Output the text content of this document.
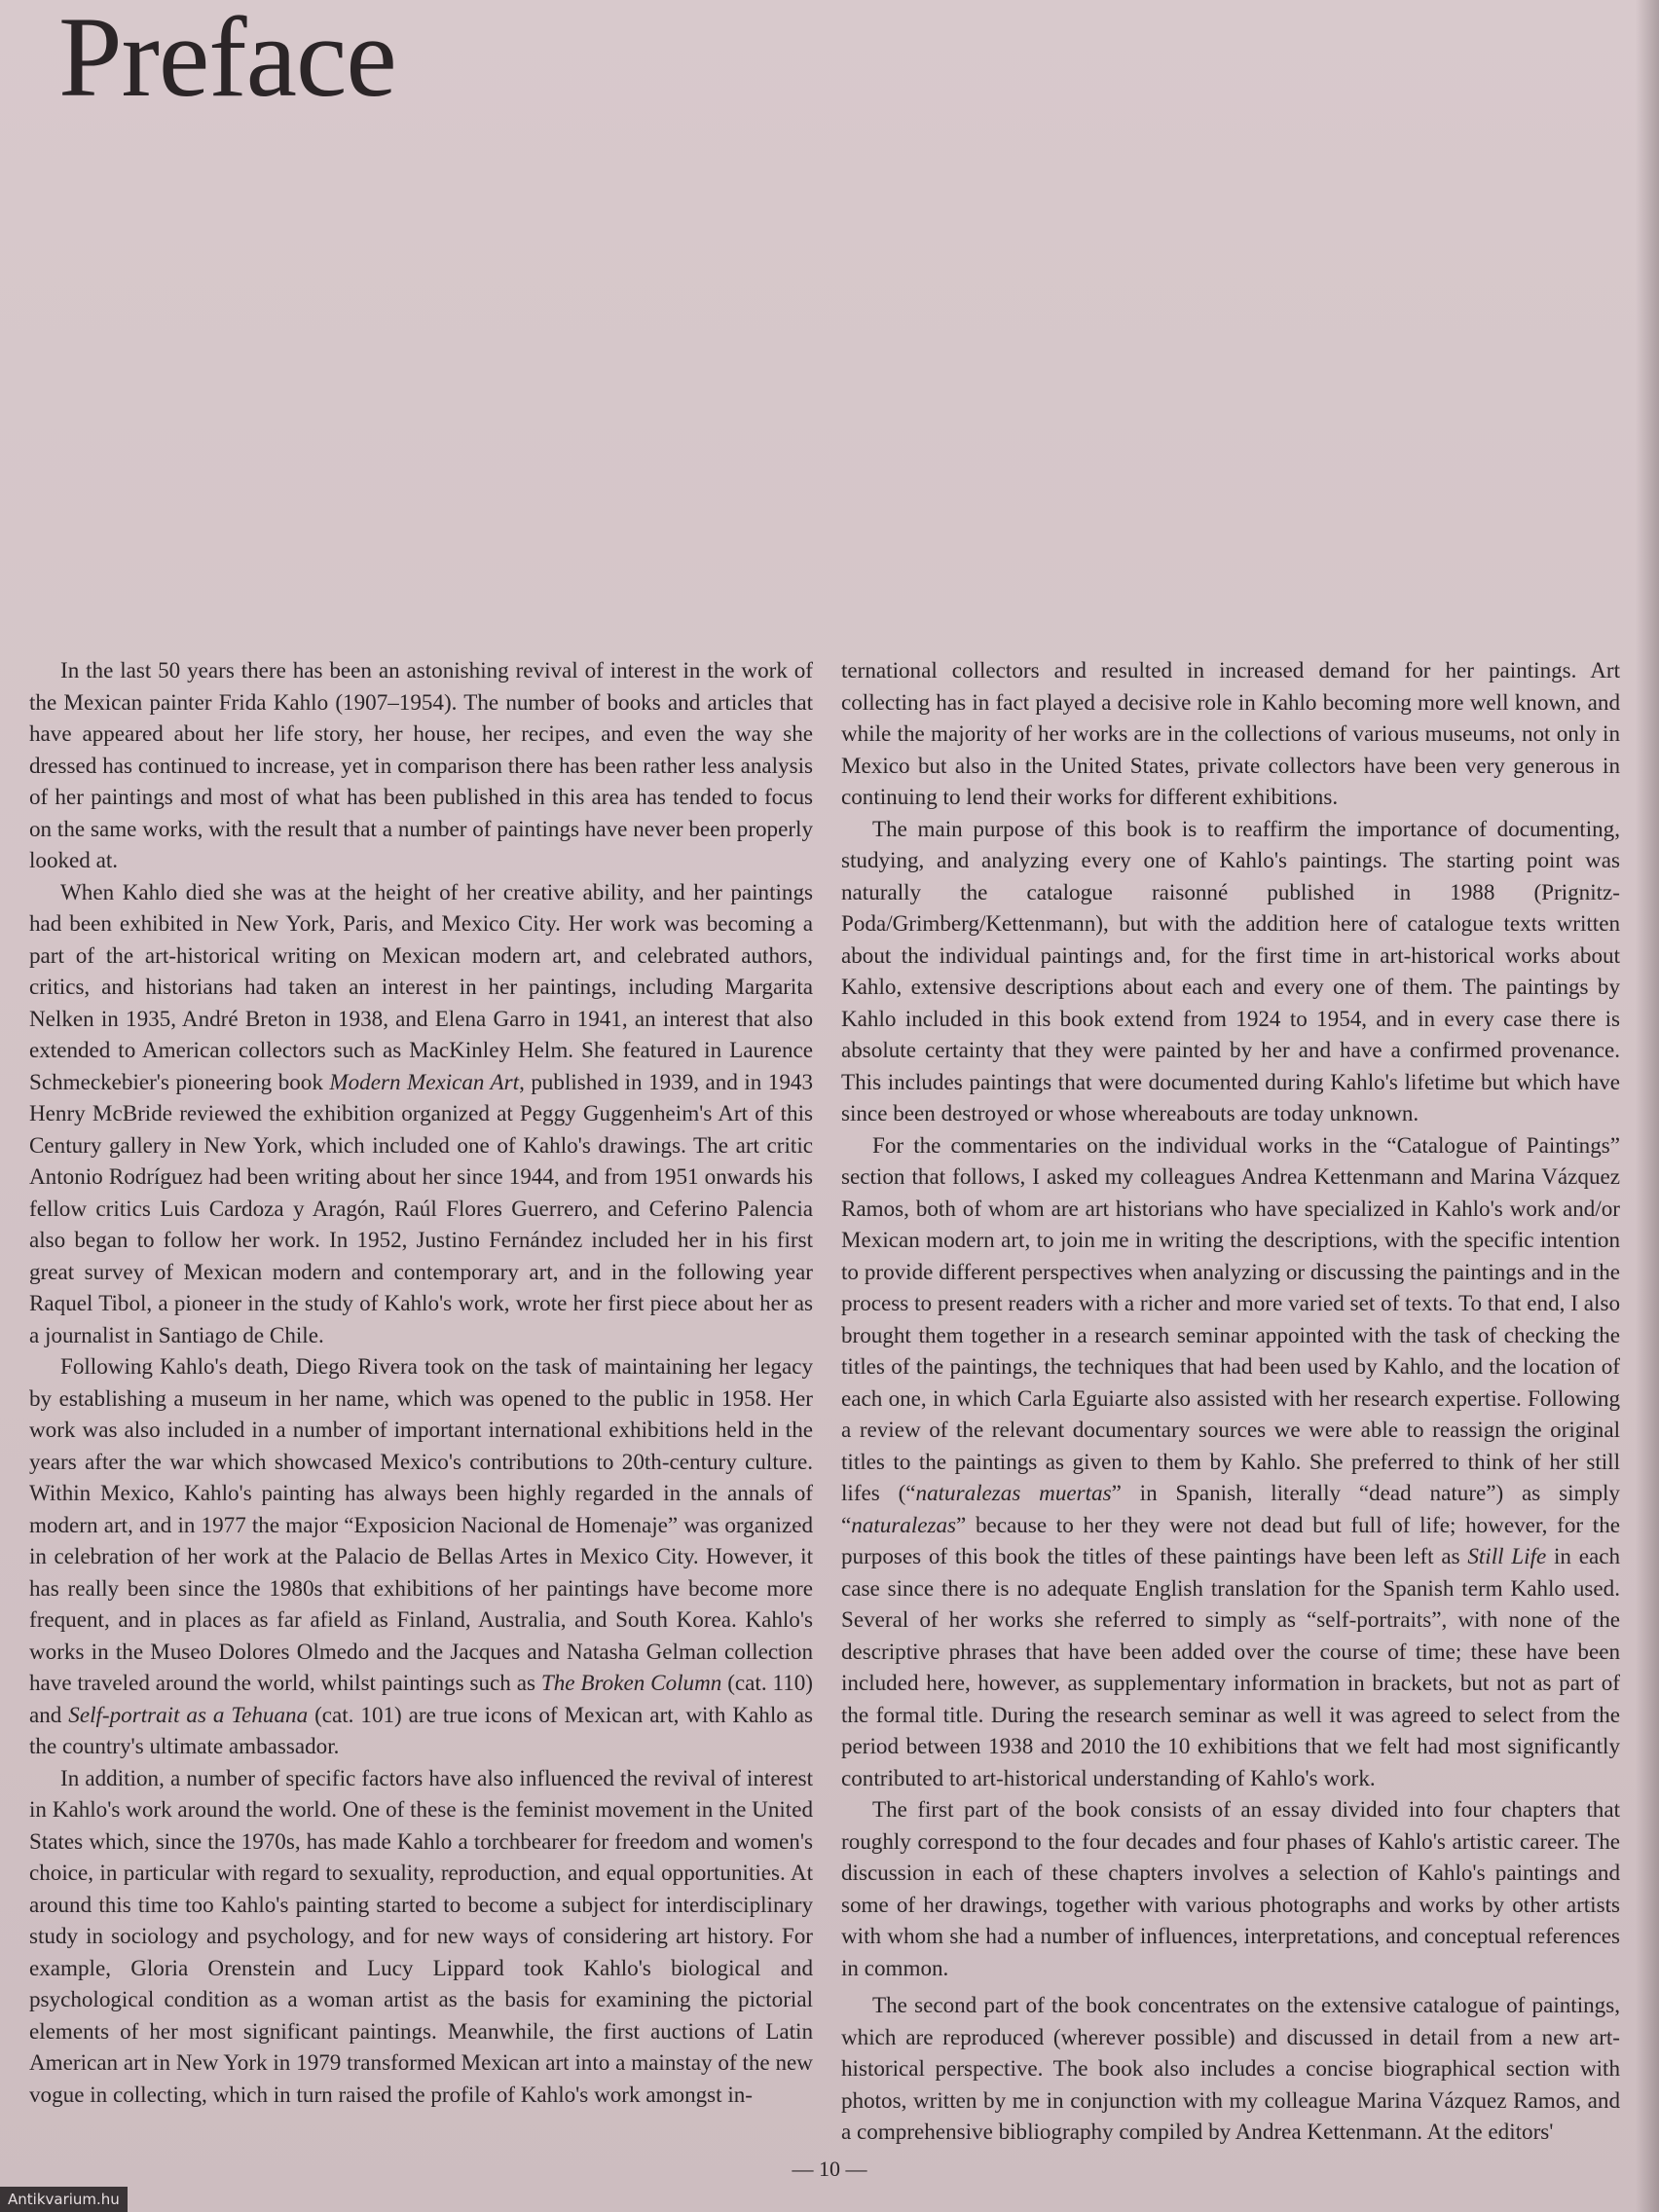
Preface

In the last 50 years there has been an astonishing revival of interest in the work of the Mexican painter Frida Kahlo (1907–1954). The number of books and articles that have appeared about her life story, her house, her recipes, and even the way she dressed has continued to increase, yet in comparison there has been rather less analysis of her paintings and most of what has been published in this area has tended to focus on the same works, with the result that a number of paintings have never been properly looked at.

When Kahlo died she was at the height of her creative ability, and her paintings had been exhibited in New York, Paris, and Mexico City. Her work was becoming a part of the art-historical writing on Mexican modern art, and celebrated authors, critics, and historians had taken an interest in her paintings, including Margarita Nelken in 1935, André Breton in 1938, and Elena Garro in 1941, an interest that also extended to American collectors such as MacKinley Helm. She featured in Laurence Schmeckebier's pioneering book Modern Mexican Art, published in 1939, and in 1943 Henry McBride reviewed the exhibition organized at Peggy Guggenheim's Art of this Century gallery in New York, which included one of Kahlo's drawings. The art critic Antonio Rodríguez had been writing about her since 1944, and from 1951 onwards his fellow critics Luis Cardoza y Aragón, Raúl Flores Guerrero, and Ceferino Palencia also began to follow her work. In 1952, Justino Fernández included her in his first great survey of Mexican modern and contemporary art, and in the following year Raquel Tibol, a pioneer in the study of Kahlo's work, wrote her first piece about her as a journalist in Santiago de Chile.

Following Kahlo's death, Diego Rivera took on the task of maintaining her legacy by establishing a museum in her name, which was opened to the public in 1958. Her work was also included in a number of important international exhibitions held in the years after the war which showcased Mexico's contributions to 20th-century culture. Within Mexico, Kahlo's painting has always been highly regarded in the annals of modern art, and in 1977 the major “Exposicion Nacional de Homenaje” was organized in celebration of her work at the Palacio de Bellas Artes in Mexico City. However, it has really been since the 1980s that exhibitions of her paintings have become more frequent, and in places as far afield as Finland, Australia, and South Korea. Kahlo's works in the Museo Dolores Olmedo and the Jacques and Natasha Gelman collection have traveled around the world, whilst paintings such as The Broken Column (cat. 110) and Self-portrait as a Tehuana (cat. 101) are true icons of Mexican art, with Kahlo as the country's ultimate ambassador.

In addition, a number of specific factors have also influenced the revival of interest in Kahlo's work around the world. One of these is the feminist movement in the United States which, since the 1970s, has made Kahlo a torchbearer for freedom and women's choice, in particular with regard to sexuality, reproduction, and equal opportunities. At around this time too Kahlo's painting started to become a subject for interdisciplinary study in sociology and psychology, and for new ways of considering art history. For example, Gloria Orenstein and Lucy Lippard took Kahlo's biological and psychological condition as a woman artist as the basis for examining the pictorial elements of her most significant paintings. Meanwhile, the first auctions of Latin American art in New York in 1979 transformed Mexican art into a mainstay of the new vogue in collecting, which in turn raised the profile of Kahlo's work amongst in-

ternational collectors and resulted in increased demand for her paintings. Art collecting has in fact played a decisive role in Kahlo becoming more well known, and while the majority of her works are in the collections of various museums, not only in Mexico but also in the United States, private collectors have been very generous in continuing to lend their works for different exhibitions.

The main purpose of this book is to reaffirm the importance of documenting, studying, and analyzing every one of Kahlo's paintings. The starting point was naturally the catalogue raisonné published in 1988 (Prignitz-Poda/Grimberg/Kettenmann), but with the addition here of catalogue texts written about the individual paintings and, for the first time in art-historical works about Kahlo, extensive descriptions about each and every one of them. The paintings by Kahlo included in this book extend from 1924 to 1954, and in every case there is absolute certainty that they were painted by her and have a confirmed provenance. This includes paintings that were documented during Kahlo's lifetime but which have since been destroyed or whose whereabouts are today unknown.

For the commentaries on the individual works in the “Catalogue of Paintings” section that follows, I asked my colleagues Andrea Kettenmann and Marina Vázquez Ramos, both of whom are art historians who have specialized in Kahlo's work and/or Mexican modern art, to join me in writing the descriptions, with the specific intention to provide different perspectives when analyzing or discussing the paintings and in the process to present readers with a richer and more varied set of texts. To that end, I also brought them together in a research seminar appointed with the task of checking the titles of the paintings, the techniques that had been used by Kahlo, and the location of each one, in which Carla Eguiarte also assisted with her research expertise. Following a review of the relevant documentary sources we were able to reassign the original titles to the paintings as given to them by Kahlo. She preferred to think of her still lifes (“naturalezas muertas” in Spanish, literally “dead nature”) as simply “naturalezas” because to her they were not dead but full of life; however, for the purposes of this book the titles of these paintings have been left as Still Life in each case since there is no adequate English translation for the Spanish term Kahlo used. Several of her works she referred to simply as “self-portraits”, with none of the descriptive phrases that have been added over the course of time; these have been included here, however, as supplementary information in brackets, but not as part of the formal title. During the research seminar as well it was agreed to select from the period between 1938 and 2010 the 10 exhibitions that we felt had most significantly contributed to art-historical understanding of Kahlo's work.

The first part of the book consists of an essay divided into four chapters that roughly correspond to the four decades and four phases of Kahlo's artistic career. The discussion in each of these chapters involves a selection of Kahlo's paintings and some of her drawings, together with various photographs and works by other artists with whom she had a number of influences, interpretations, and conceptual references in common.

The second part of the book concentrates on the extensive catalogue of paintings, which are reproduced (wherever possible) and discussed in detail from a new art-historical perspective. The book also includes a concise biographical section with photos, written by me in conjunction with my colleague Marina Vázquez Ramos, and a comprehensive bibliography compiled by Andrea Kettenmann. At the editors'

— 10 —
Antikvarium.hu
